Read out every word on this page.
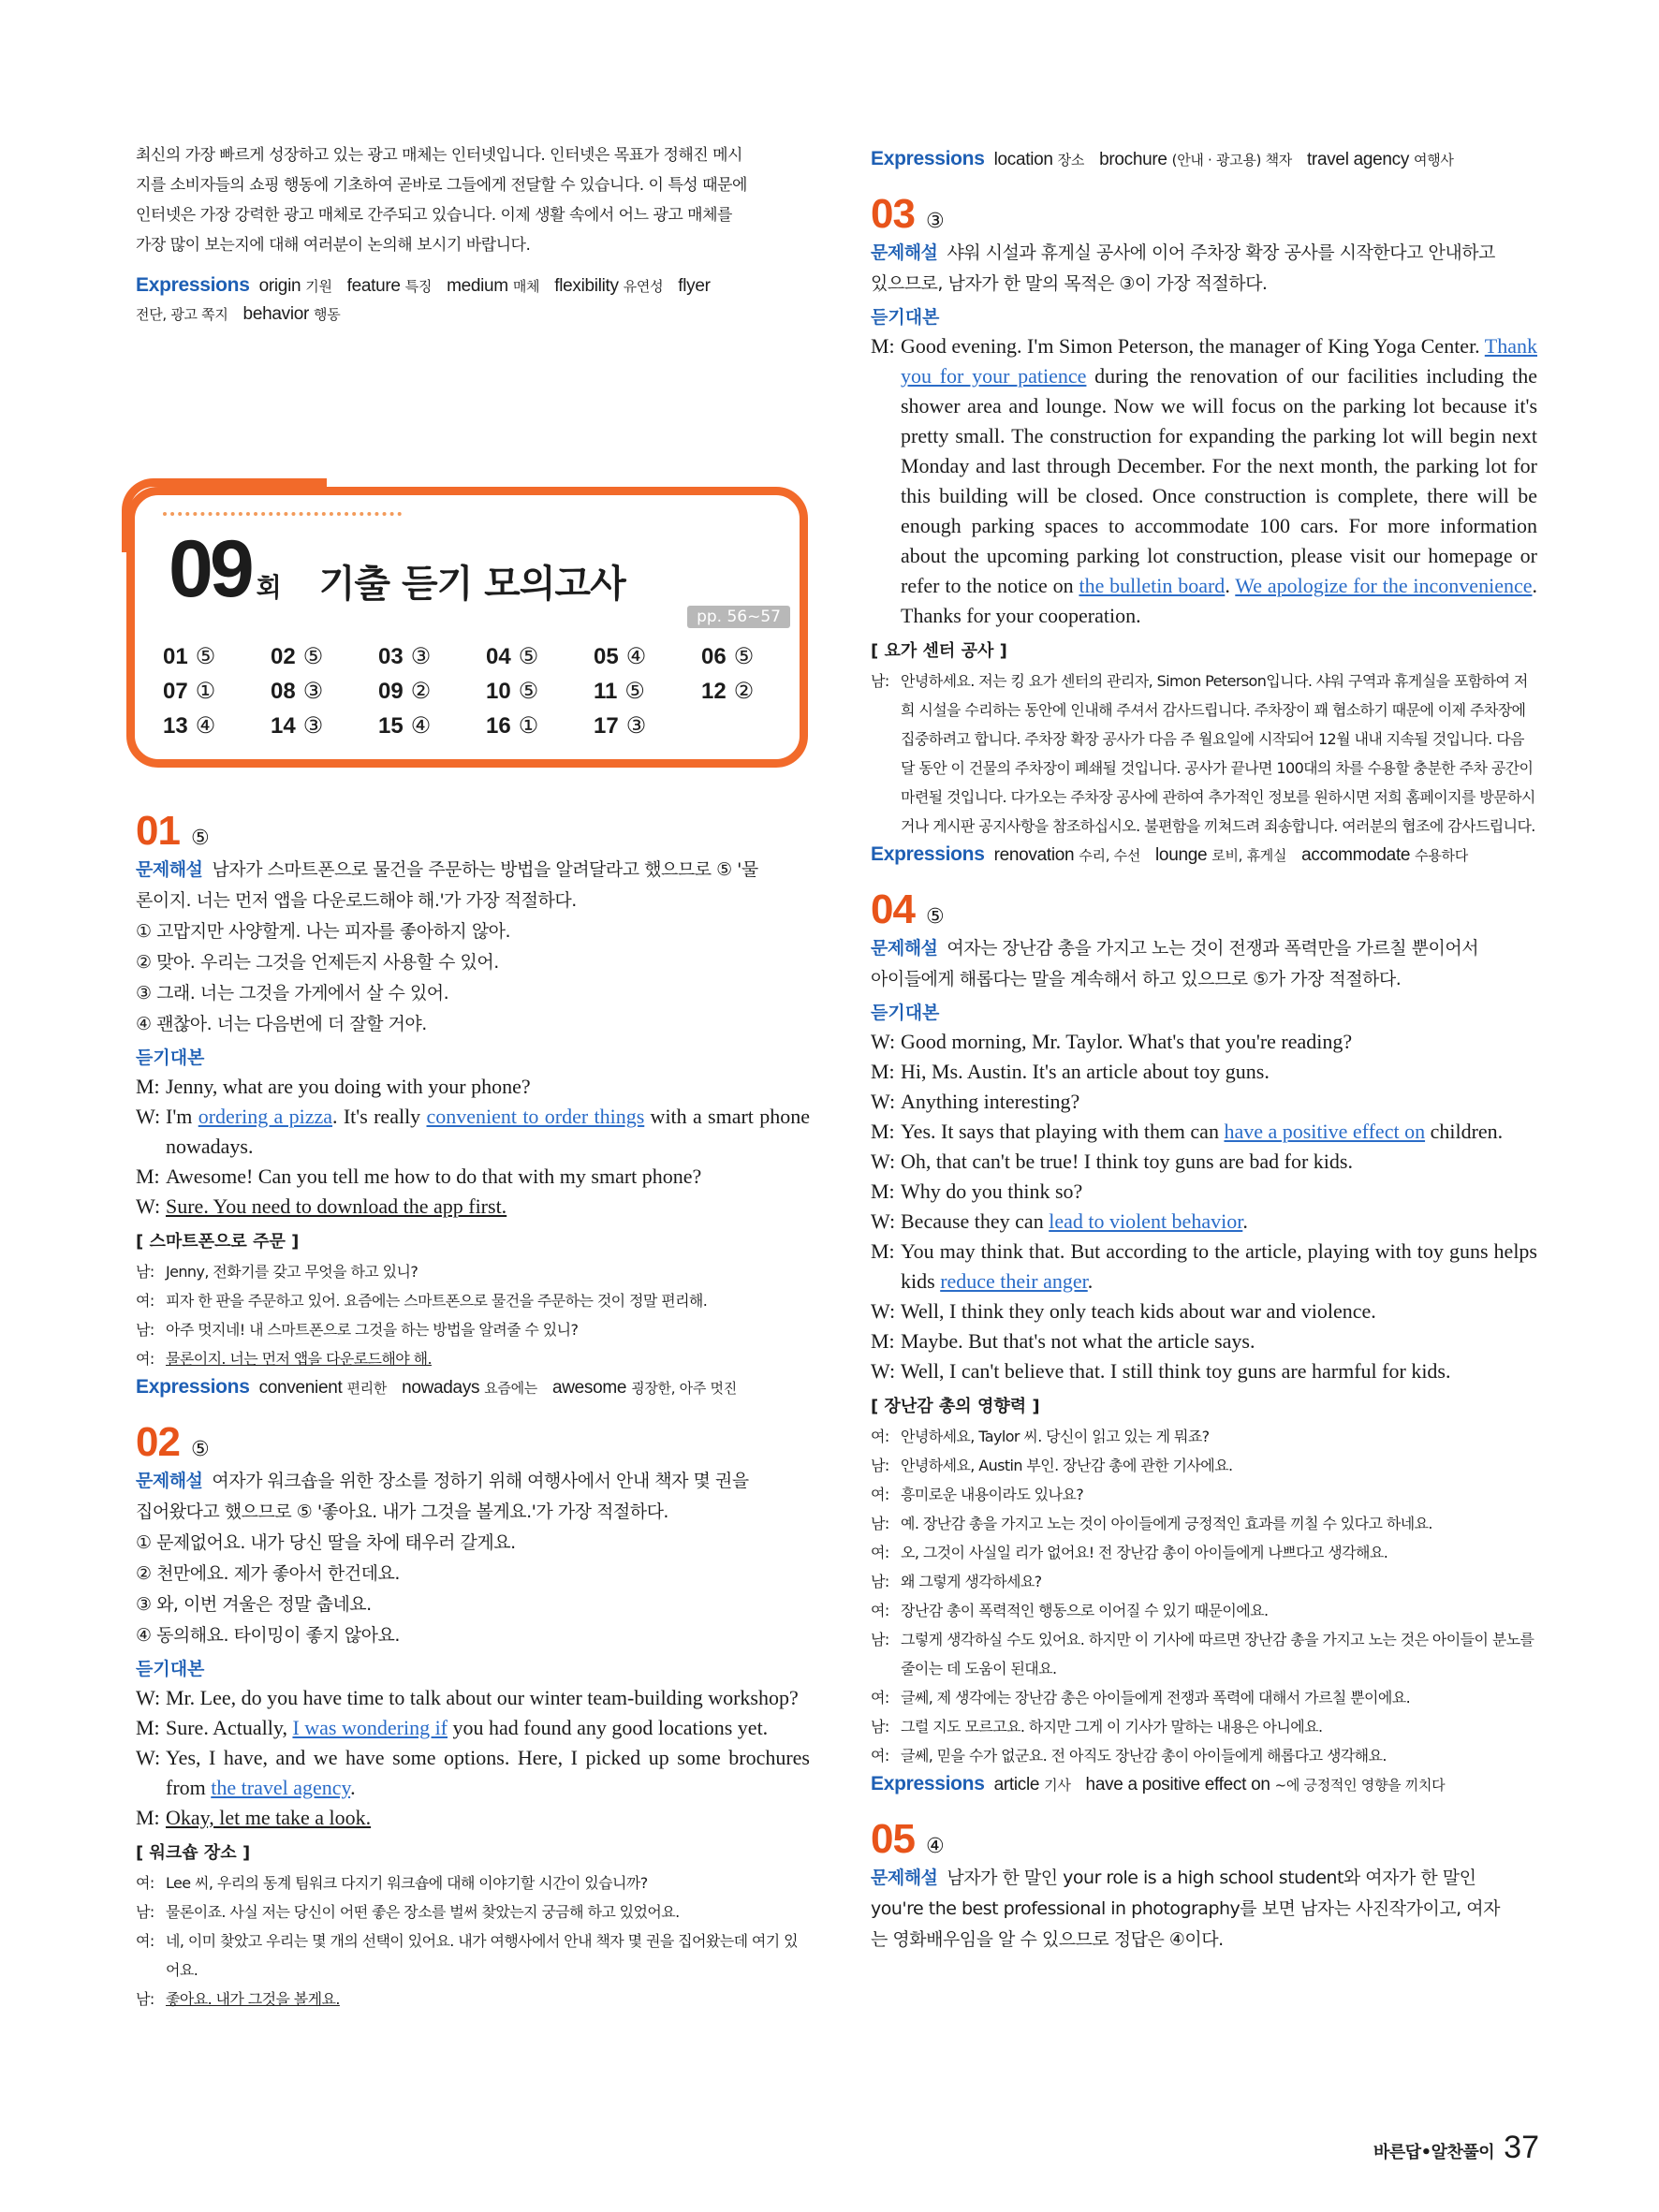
최신의 가장 빠르게 성장하고 있는 광고 매체는 인터넷입니다. 인터넷은 목표가 정해진 메시
지를 소비자들의 쇼핑 행동에 기초하여 곧바로 그들에게 전달할 수 있습니다. 이 특성 때문에
인터넷은 가장 강력한 광고 매체로 간주되고 있습니다. 이제 생활 속에서 어느 광고 매체를
가장 많이 보는지에 대해 여러분이 논의해 보시기 바랍니다.
Expressions origin 기원 feature 특징 medium 매체 flexibility 유연성 flyer
전단, 광고 쪽지 behavior 행동
09 회 기출 듣기 모의고사
pp. 56~57
01 ⑤	02 ⑤	03 ③	04 ⑤	05 ④	06 ⑤
07 ①	08 ③	09 ②	10 ⑤	11 ⑤	12 ②
13 ④	14 ③	15 ④	16 ①	17 ③
01 ⑤
문제해설 남자가 스마트폰으로 물건을 주문하는 방법을 알려달라고 했으므로 ⑤ '물
론이지. 너는 먼저 앱을 다운로드해야 해.'가 가장 적절하다.

① 고맙지만 사양할게. 나는 피자를 좋아하지 않아.
② 맞아. 우리는 그것을 언제든지 사용할 수 있어.
③ 그래. 너는 그것을 가게에서 살 수 있어.
④ 괜찮아. 너는 다음번에 더 잘할 거야.
듣기대본
M: Jenny, what are you doing with your phone?
W: I'm ordering a pizza. It's really convenient to order things with a smart phone nowadays.
M: Awesome! Can you tell me how to do that with my smart phone?
W: Sure. You need to download the app first.
[ 스마트폰으로 주문 ]
남: Jenny, 전화기를 갖고 무엇을 하고 있니?
여: 피자 한 판을 주문하고 있어. 요즘에는 스마트폰으로 물건을 주문하는 것이 정말 편리해.
남: 아주 멋지네! 내 스마트폰으로 그것을 하는 방법을 알려줄 수 있니?
여: 물론이지. 너는 먼저 앱을 다운로드해야 해.
Expressions convenient 편리한 nowadays 요즘에는 awesome 굉장한, 아주 멋진
02 ⑤
문제해설 여자가 워크숍을 위한 장소를 정하기 위해 여행사에서 안내 책자 몇 권을
집어왔다고 했으므로 ⑤ '좋아요. 내가 그것을 볼게요.'가 가장 적절하다.

① 문제없어요. 내가 당신 딸을 차에 태우러 갈게요.
② 천만에요. 제가 좋아서 한건데요.
③ 와, 이번 겨울은 정말 춥네요.
④ 동의해요. 타이밍이 좋지 않아요.
듣기대본
W: Mr. Lee, do you have time to talk about our winter team-building workshop?
M: Sure. Actually, I was wondering if you had found any good locations yet.
W: Yes, I have, and we have some options. Here, I picked up some brochures from the travel agency.
M: Okay, let me take a look.
[ 워크숍 장소 ]
여: Lee 씨, 우리의 동계 팀워크 다지기 워크숍에 대해 이야기할 시간이 있습니까?
남: 물론이죠. 사실 저는 당신이 어떤 좋은 장소를 벌써 찾았는지 궁금해 하고 있었어요.
여: 네, 이미 찾았고 우리는 몇 개의 선택이 있어요. 내가 여행사에서 안내 책자 몇 권을 집어왔는데 여기 있어요.
남: 좋아요. 내가 그것을 볼게요.
Expressions location 장소 brochure (안내 · 광고용) 책자 travel agency 여행사
03 ③
문제해설 샤워 시설과 휴게실 공사에 이어 주차장 확장 공사를 시작한다고 안내하고
있으므로, 남자가 한 말의 목적은 ③이 가장 적절하다.

듣기대본
M: Good evening. I'm Simon Peterson, the manager of King Yoga Center. Thank you for your patience during the renovation of our facilities including the shower area and lounge. Now we will focus on the parking lot because it's pretty small. The construction for expanding the parking lot will begin next Monday and last through December. For the next month, the parking lot for this building will be closed. Once construction is complete, there will be enough parking spaces to accommodate 100 cars. For more information about the upcoming parking lot construction, please visit our homepage or refer to the notice on the bulletin board. We apologize for the inconvenience. Thanks for your cooperation.
[ 요가 센터 공사 ]
남: 안녕하세요. 저는 킹 요가 센터의 관리자, Simon Peterson입니다. 샤워 구역과 휴게실을 포함하여 저희 시설을 수리하는 동안에 인내해 주셔서 감사드립니다. 주차장이 꽤 협소하기 때문에 이제 주차장에 집중하려고 합니다. 주차장 확장 공사가 다음 주 월요일에 시작되어 12월 내내 지속될 것입니다. 다음 달 동안 이 건물의 주차장이 폐쇄될 것입니다. 공사가 끝나면 100대의 차를 수용할 충분한 주차 공간이 마련될 것입니다. 다가오는 주차장 공사에 관하여 추가적인 정보를 원하시면 저희 홈페이지를 방문하시거나 게시판 공지사항을 참조하십시오. 불편함을 끼쳐드려 죄송합니다. 여러분의 협조에 감사드립니다.
Expressions renovation 수리, 수선 lounge 로비, 휴게실 accommodate 수용하다
04 ⑤
문제해설 여자는 장난감 총을 가지고 노는 것이 전쟁과 폭력만을 가르칠 뿐이어서
아이들에게 해롭다는 말을 계속해서 하고 있으므로 ⑤가 가장 적절하다.

듣기대본
W: Good morning, Mr. Taylor. What's that you're reading?
M: Hi, Ms. Austin. It's an article about toy guns.
W: Anything interesting?
M: Yes. It says that playing with them can have a positive effect on children.
W: Oh, that can't be true! I think toy guns are bad for kids.
M: Why do you think so?
W: Because they can lead to violent behavior.
M: You may think that. But according to the article, playing with toy guns helps kids reduce their anger.
W: Well, I think they only teach kids about war and violence.
M: Maybe. But that's not what the article says.
W: Well, I can't believe that. I still think toy guns are harmful for kids.
[ 장난감 총의 영향력 ]
여: 안녕하세요, Taylor 씨. 당신이 읽고 있는 게 뭐죠?
남: 안녕하세요, Austin 부인. 장난감 총에 관한 기사에요.
여: 흥미로운 내용이라도 있나요?
남: 예. 장난감 총을 가지고 노는 것이 아이들에게 긍정적인 효과를 끼칠 수 있다고 하네요.
여: 오, 그것이 사실일 리가 없어요! 전 장난감 총이 아이들에게 나쁘다고 생각해요.
남: 왜 그렇게 생각하세요?
여: 장난감 총이 폭력적인 행동으로 이어질 수 있기 때문이에요.
남: 그렇게 생각하실 수도 있어요. 하지만 이 기사에 따르면 장난감 총을 가지고 노는 것은 아이들이 분노를 줄이는 데 도움이 된대요.
여: 글쎄, 제 생각에는 장난감 총은 아이들에게 전쟁과 폭력에 대해서 가르칠 뿐이에요.
남: 그럴 지도 모르고요. 하지만 그게 이 기사가 말하는 내용은 아니에요.
여: 글쎄, 믿을 수가 없군요. 전 아직도 장난감 총이 아이들에게 해롭다고 생각해요.
Expressions article 기사 have a positive effect on ~에 긍정적인 영향을 끼치다
05 ④
문제해설 남자가 한 말인 your role is a high school student와 여자가 한 말인
you're the best professional in photography를 보면 남자는 사진작가이고, 여자
는 영화배우임을 알 수 있으므로 정답은 ④이다.

바른답•알찬풀이 37
